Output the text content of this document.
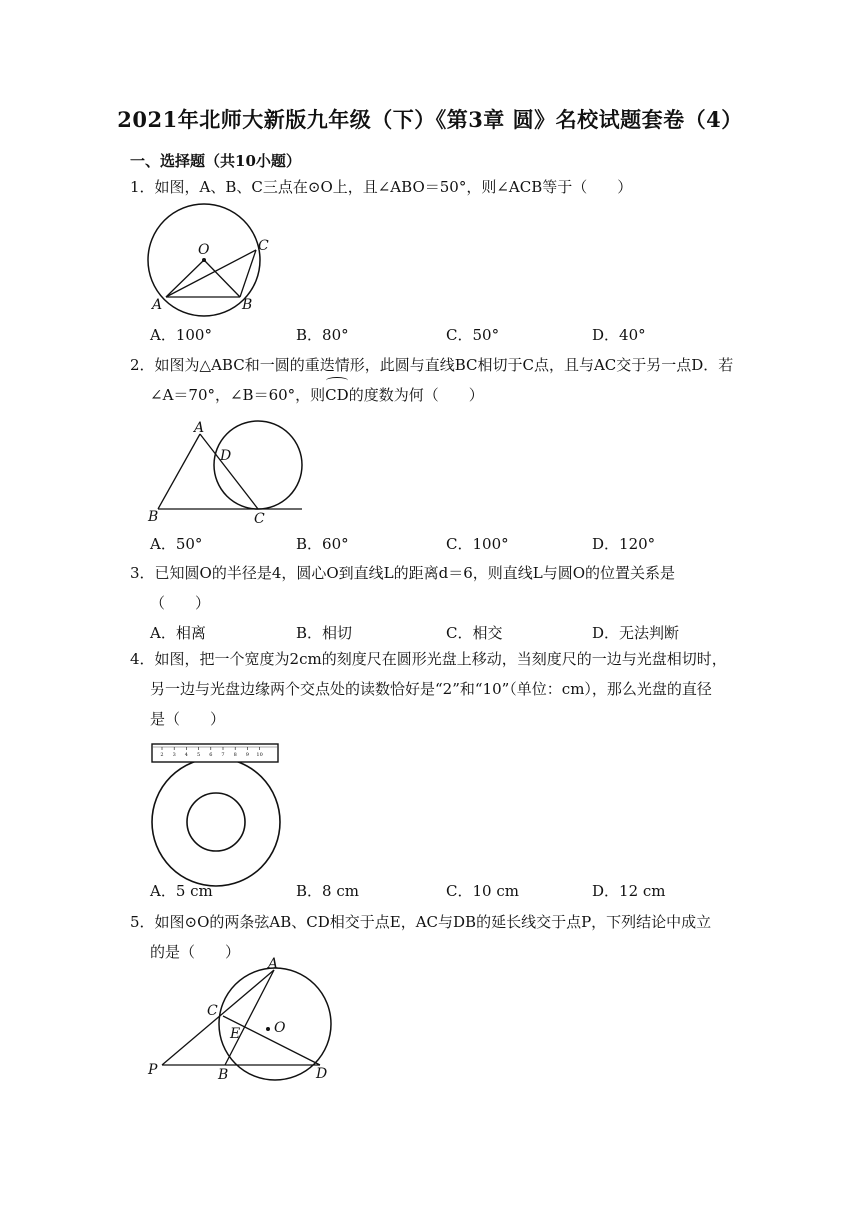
2021年北师大新版九年级（下）《第3章 圆》名校试题套卷（4）
一、选择题（共10小题）
1．如图，A、B、C三点在⊙O上，且∠ABO＝50°，则∠ACB等于（　　）
O	C
A	B
A．100°	B．80°	C．50°	D．40°
2．如图为△ABC和一圆的重迭情形，此圆与直线BC相切于C点，且与AC交于另一点D．若
∠A＝70°，∠B＝60°，则CD的度数为何（　　）
A
D
B	C
A．50°	B．60°	C．100°	D．120°
3．已知圆O的半径是4，圆心O到直线L的距离d＝6，则直线L与圆O的位置关系是
（　　）
A．相离	B．相切	C．相交	D．无法判断
4．如图，把一个宽度为2cm的刻度尺在圆形光盘上移动，当刻度尺的一边与光盘相切时，
另一边与光盘边缘两个交点处的读数恰好是“2”和“10”（单位：cm），那么光盘的直径
是（　　）
2 3 4 5 6 7 8 9 10
A．5 cm	B．8 cm	C．10 cm	D．12 cm
5．如图⊙O的两条弦AB、CD相交于点E，AC与DB的延长线交于点P，下列结论中成立
的是（　　）
A
C
E O
P	B	D
